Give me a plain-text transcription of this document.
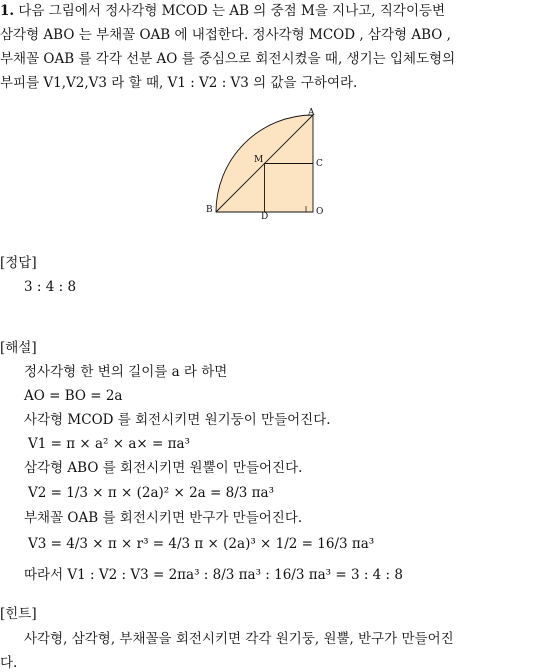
1. 다음 그림에서 정사각형 MCOD 는 AB 의 중점 M을 지나고, 직각이등변
삼각형 ABO 는 부채꼴 OAB 에 내접한다. 정사각형 MCOD , 삼각형 ABO ,
부채꼴 OAB 를 각각 선분 AO 를 중심으로 회전시켰을 때, 생기는 입체도형의
부피를 V1,V2,V3 라 할 때, V1 : V2 : V3 의 값을 구하여라.
A
B
M	C
D	O
[정답]
3 : 4 : 8
[해설]
정사각형 한 변의 길이를 a 라 하면
AO = BO = 2a
사각형 MCOD 를 회전시키면 원기둥이 만들어진다.
V1 = π × a² × a× = πa³
삼각형 ABO 를 회전시키면 원뿔이 만들어진다.
V2 = 1/3 × π × (2a)² × 2a = 8/3 πa³
부채꼴 OAB 를 회전시키면 반구가 만들어진다.
V3 = 4/3 × π × r³ = 4/3 π × (2a)³ × 1/2 = 16/3 πa³
따라서 V1 : V2 : V3 = 2πa³ : 8/3 πa³ : 16/3 πa³ = 3 : 4 : 8
[힌트]
사각형, 삼각형, 부채꼴을 회전시키면 각각 원기둥, 원뿔, 반구가 만들어진
다.
